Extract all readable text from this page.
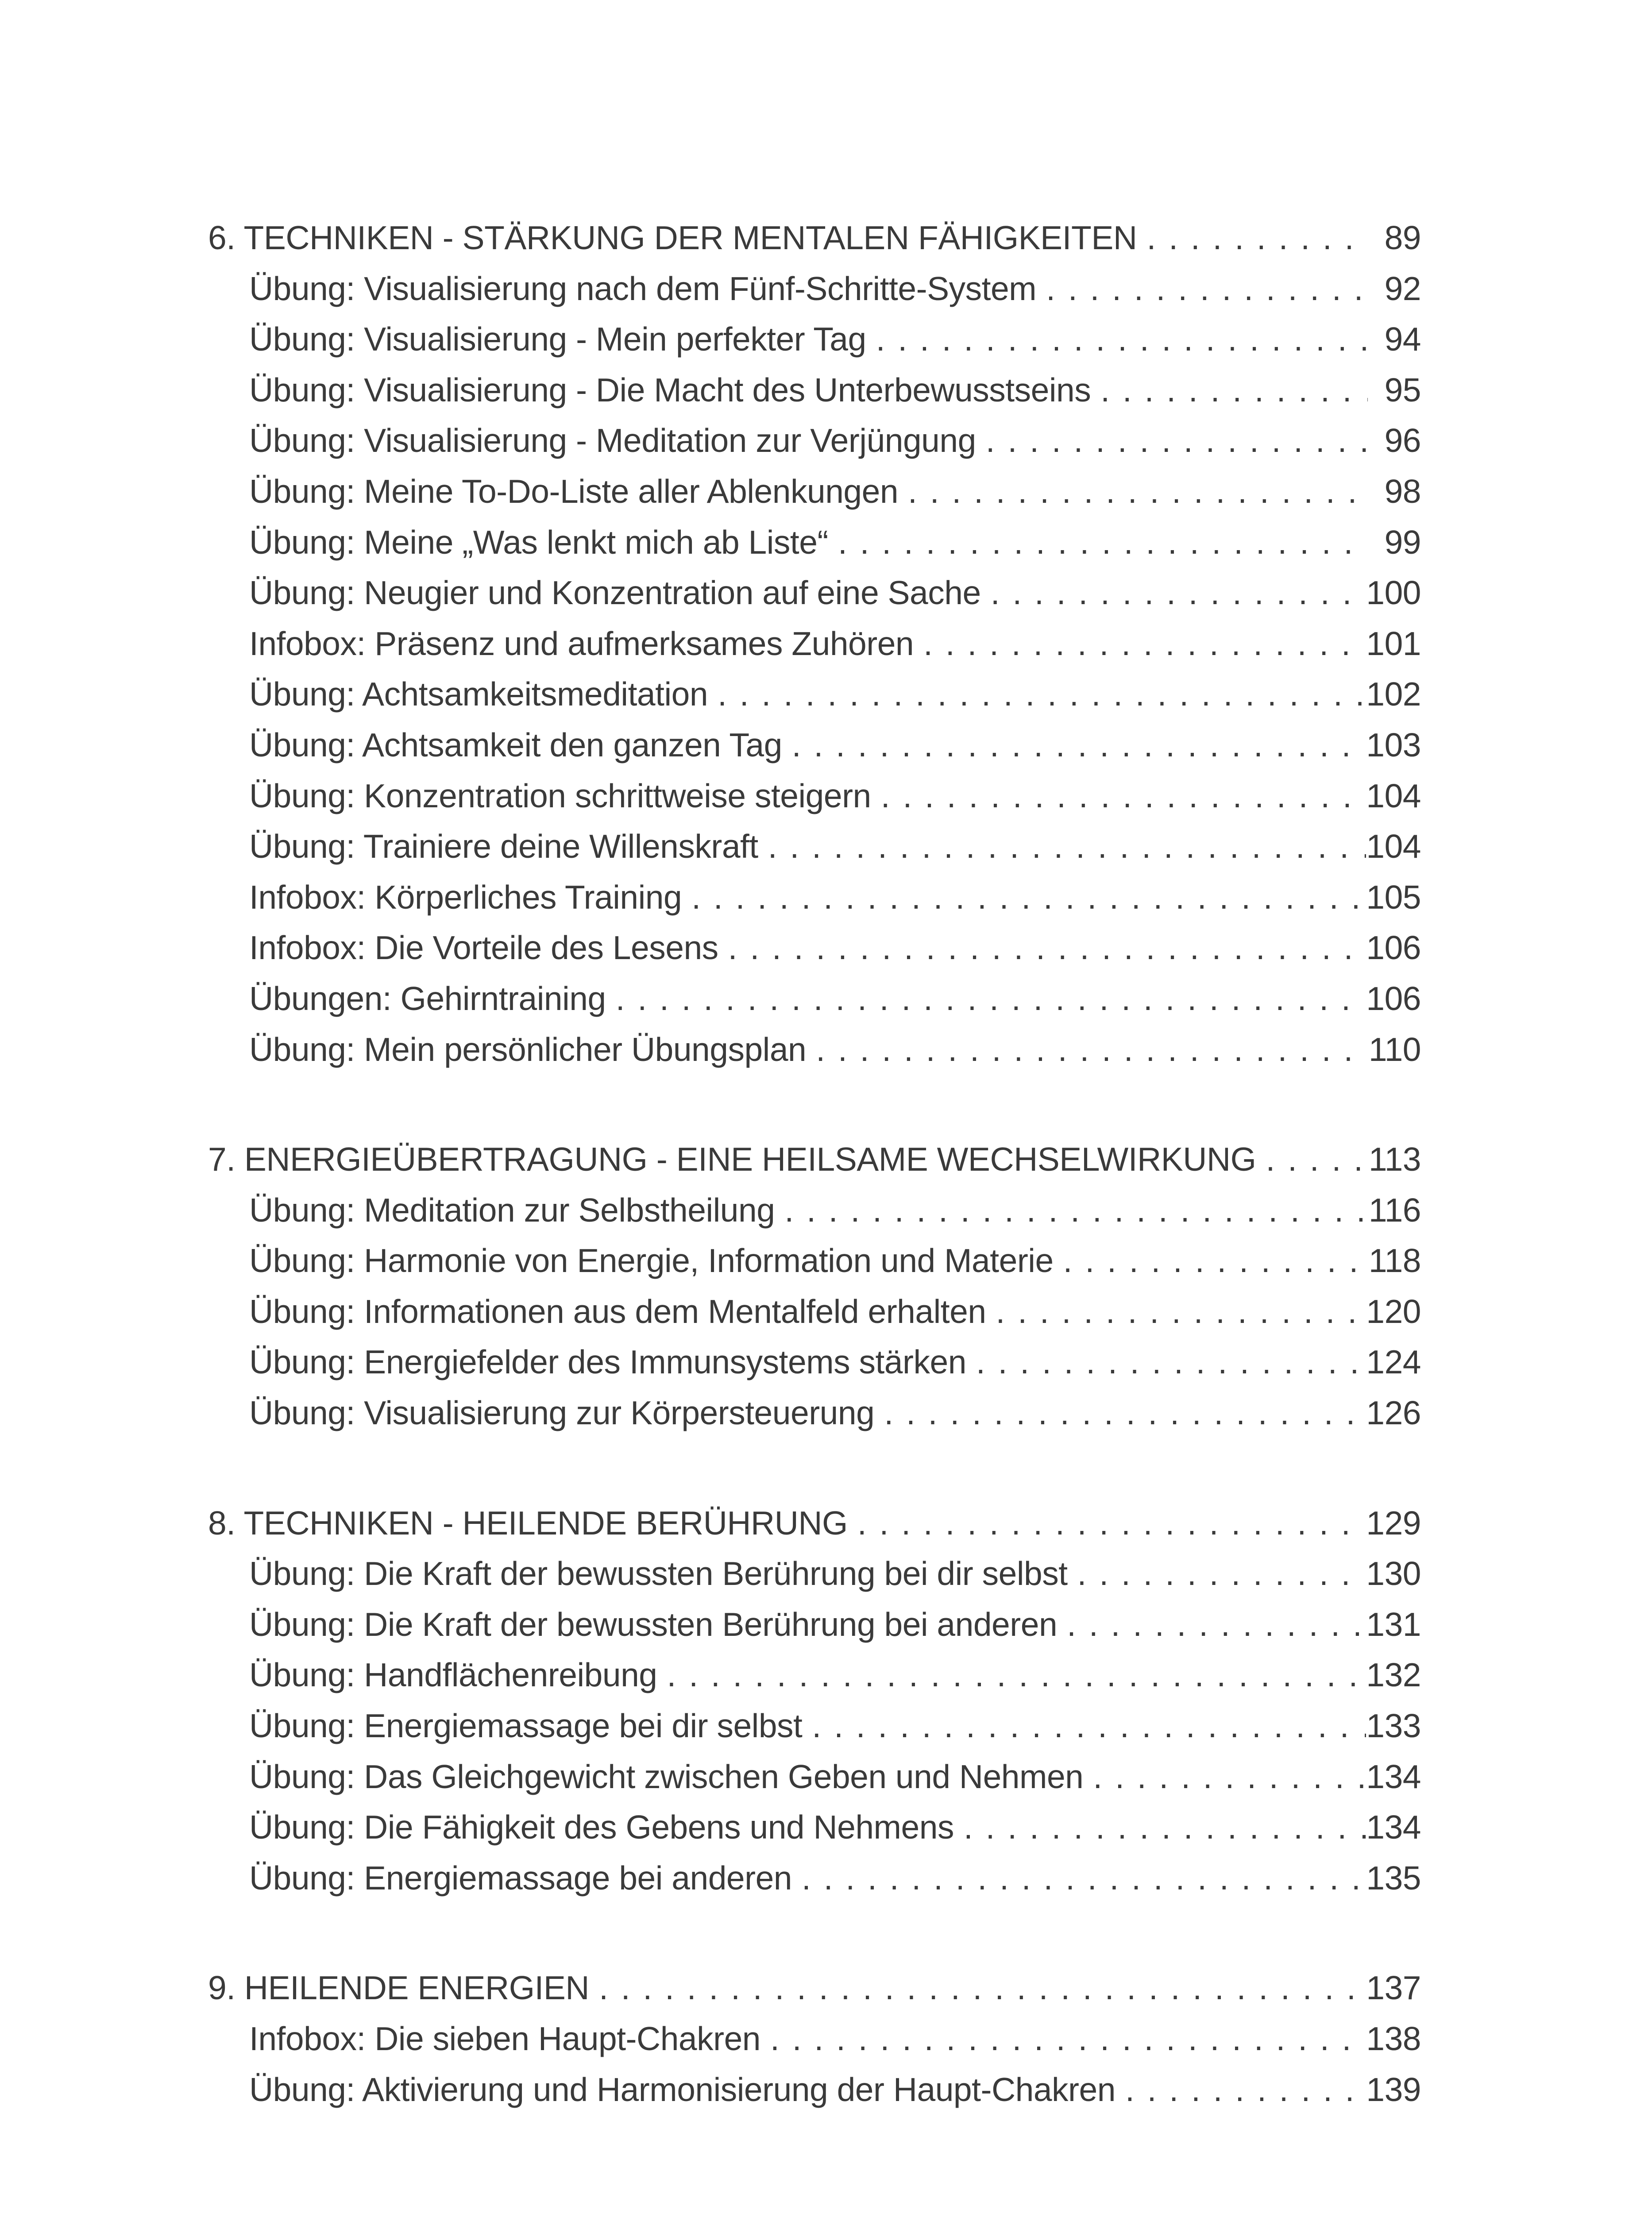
6. TECHNIKEN - STÄRKUNG DER MENTALEN FÄHIGKEITEN . . .	89
Übung: Visualisierung nach dem Fünf-Schritte-System . . .	92
Übung: Visualisierung - Mein perfekter Tag . . .	94
Übung: Visualisierung - Die Macht des Unterbewusstseins . . .	95
Übung: Visualisierung - Meditation zur Verjüngung . . .	96
Übung: Meine To-Do-Liste aller Ablenkungen . . .	98
Übung: Meine „Was lenkt mich ab Liste“ . . .	99
Übung: Neugier und Konzentration auf eine Sache . . .	100
Infobox: Präsenz und aufmerksames Zuhören . . .	101
Übung: Achtsamkeitsmeditation . . .	102
Übung: Achtsamkeit den ganzen Tag . . .	103
Übung: Konzentration schrittweise steigern . . .	104
Übung: Trainiere deine Willenskraft . . .	104
Infobox: Körperliches Training . . .	105
Infobox: Die Vorteile des Lesens . . .	106
Übungen: Gehirntraining . . .	106
Übung: Mein persönlicher Übungsplan . . .	110
7. ENERGIEÜBERTRAGUNG - EINE HEILSAME WECHSELWIRKUNG . . .	113
Übung: Meditation zur Selbstheilung . . .	116
Übung: Harmonie von Energie, Information und Materie . . .	118
Übung: Informationen aus dem Mentalfeld erhalten . . .	120
Übung: Energiefelder des Immunsystems stärken . . .	124
Übung: Visualisierung zur Körpersteuerung . . .	126
8. TECHNIKEN - HEILENDE BERÜHRUNG . . .	129
Übung: Die Kraft der bewussten Berührung bei dir selbst . . .	130
Übung: Die Kraft der bewussten Berührung bei anderen . . .	131
Übung: Handflächenreibung . . .	132
Übung: Energiemassage bei dir selbst . . .	133
Übung: Das Gleichgewicht zwischen Geben und Nehmen . . .	134
Übung: Die Fähigkeit des Gebens und Nehmens . . .	134
Übung: Energiemassage bei anderen . . .	135
9. HEILENDE ENERGIEN . . .	137
Infobox: Die sieben Haupt-Chakren . . .	138
Übung: Aktivierung und Harmonisierung der Haupt-Chakren . . .	139
